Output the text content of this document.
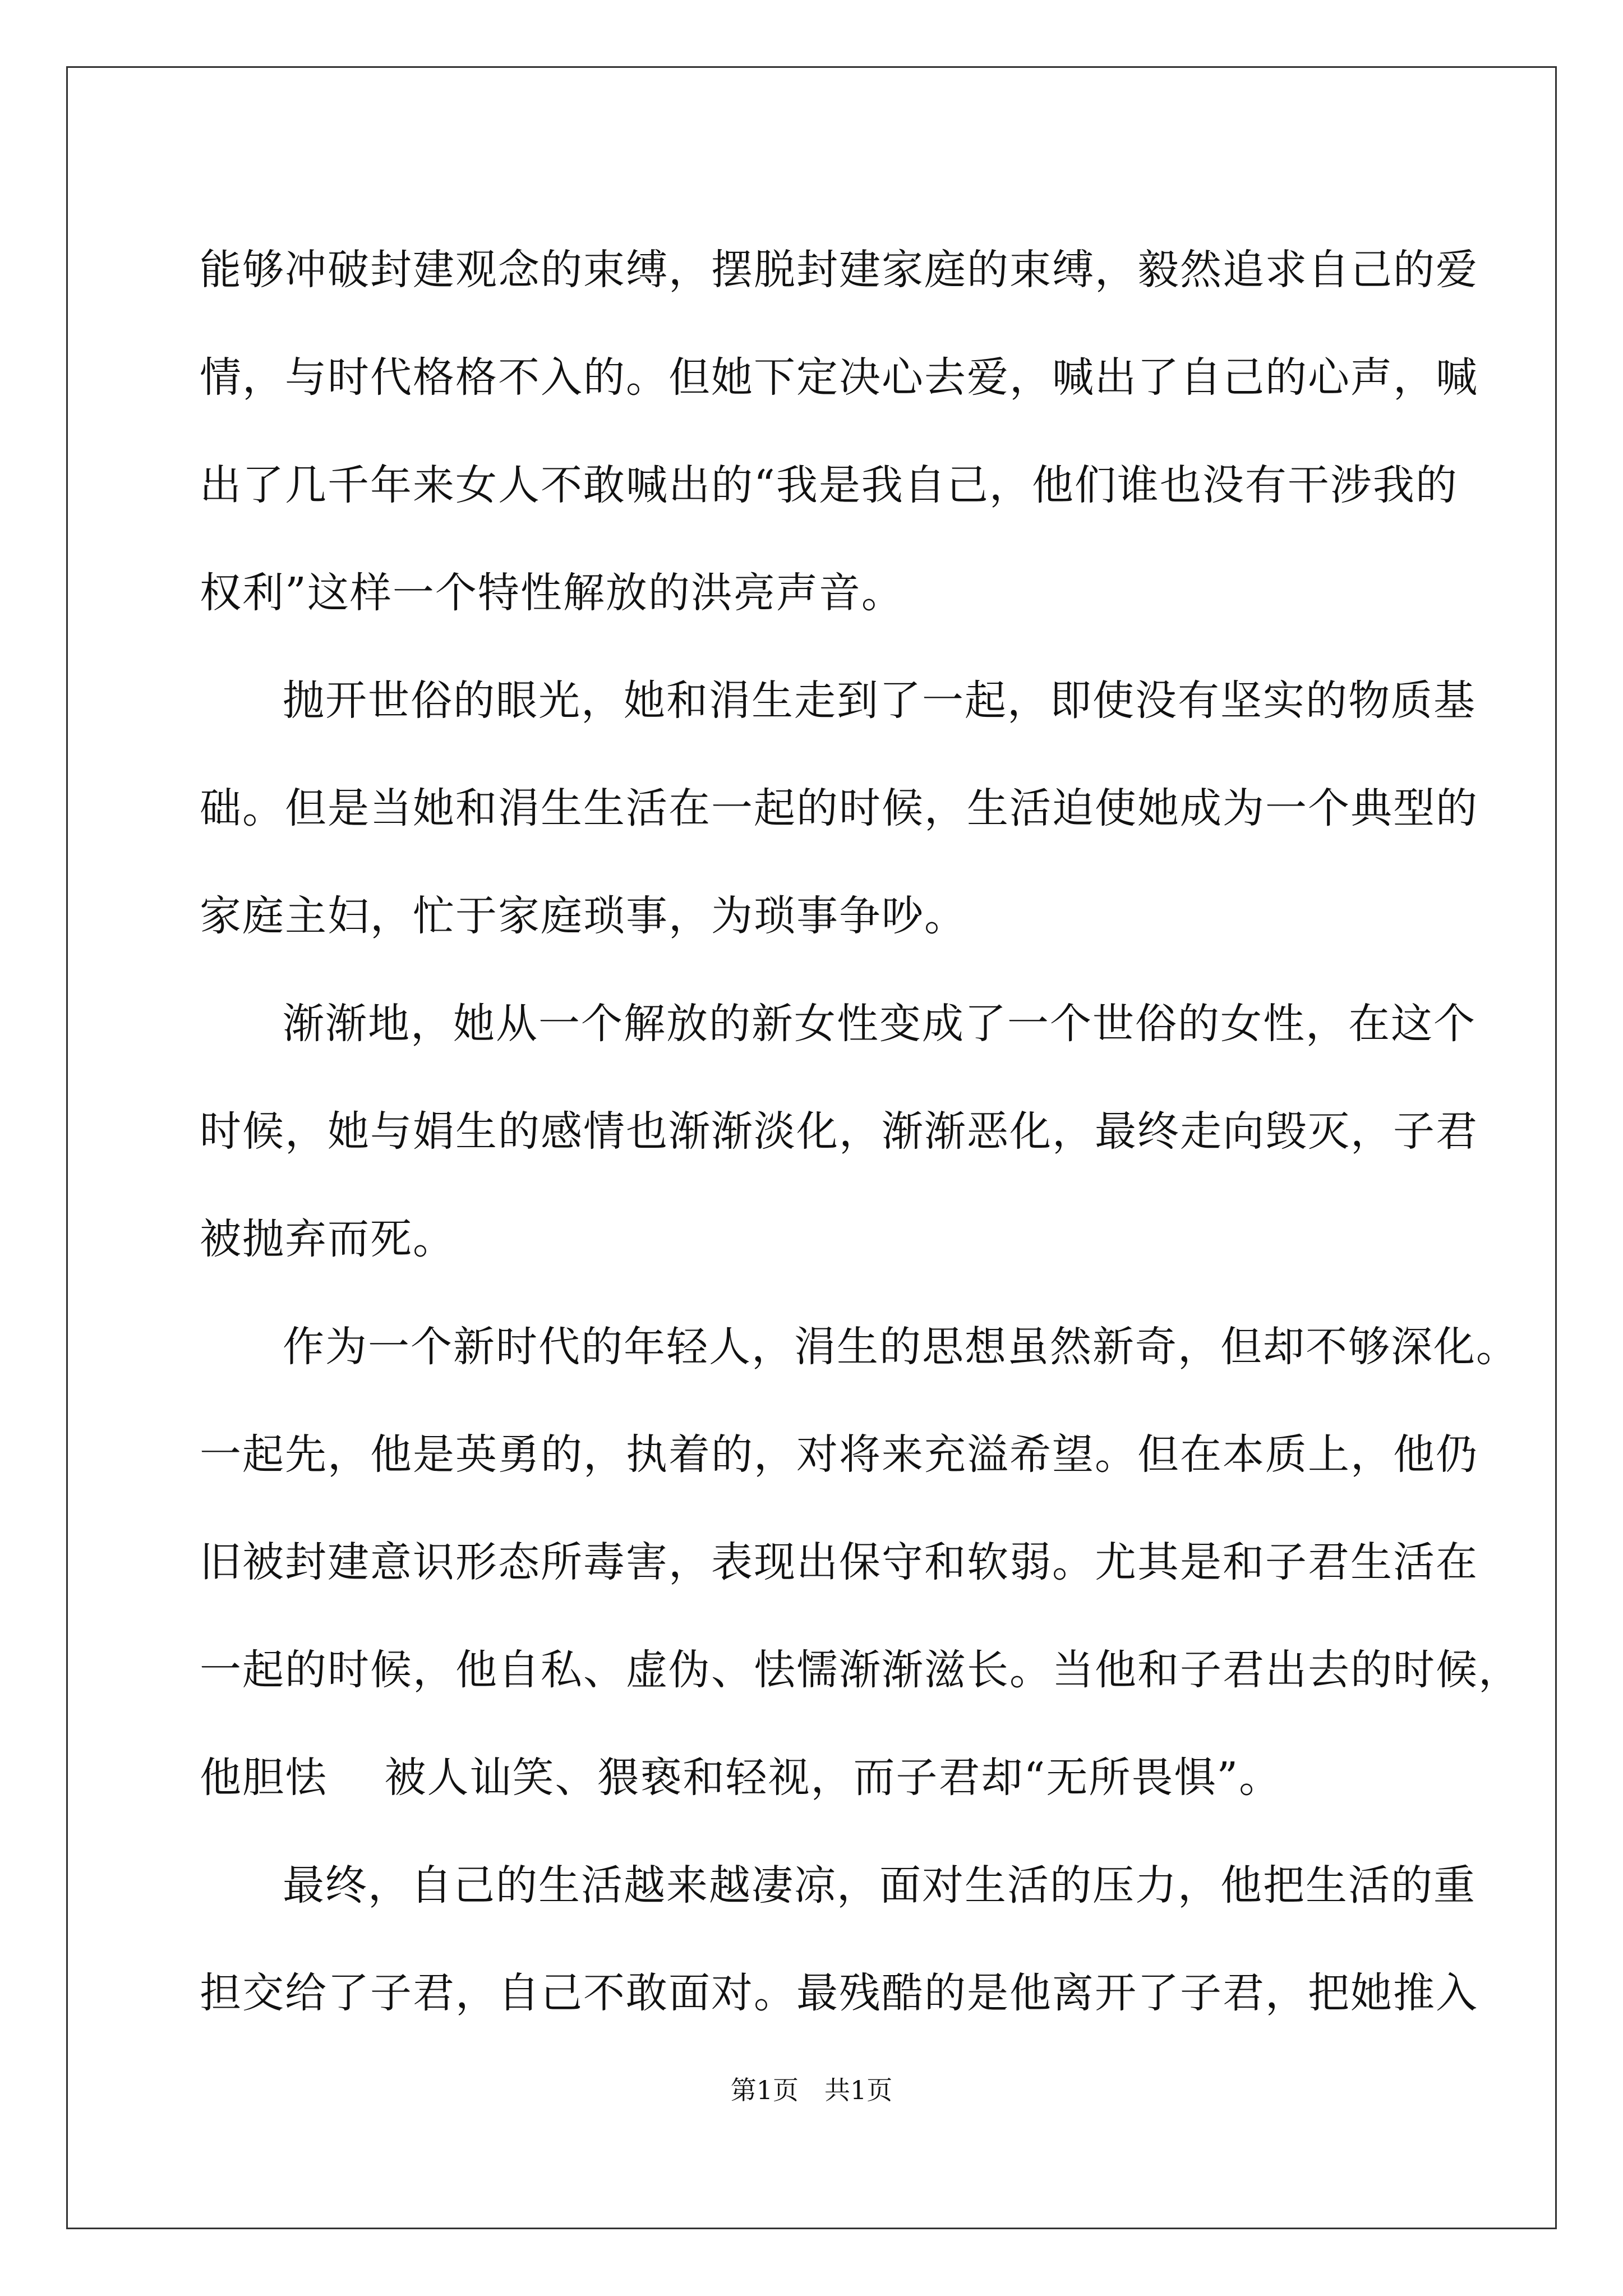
能够冲破封建观念的束缚，摆脱封建家庭的束缚，毅然追求自己的爱
情，与时代格格不入的。但她下定决心去爱，喊出了自己的心声，喊
出了几千年来女人不敢喊出的“我是我自己，他们谁也没有干涉我的
权利”这样一个特性解放的洪亮声音。
抛开世俗的眼光，她和涓生走到了一起，即使没有坚实的物质基
础。但是当她和涓生生活在一起的时候，生活迫使她成为一个典型的
家庭主妇，忙于家庭琐事，为琐事争吵。
渐渐地，她从一个解放的新女性变成了一个世俗的女性，在这个
时候，她与娟生的感情也渐渐淡化，渐渐恶化，最终走向毁灭，子君
被抛弃而死。
作为一个新时代的年轻人，涓生的思想虽然新奇，但却不够深化。
一起先，他是英勇的，执着的，对将来充溢希望。但在本质上，他仍
旧被封建意识形态所毒害，表现出保守和软弱。尤其是和子君生活在
一起的时候，他自私、虚伪、怯懦渐渐滋长。当他和子君出去的时候，
他胆怯　 被人讪笑、猥亵和轻视，而子君却“无所畏惧”。
最终，自己的生活越来越凄凉，面对生活的压力，他把生活的重
担交给了子君，自己不敢面对。最残酷的是他离开了子君，把她推入
第1页　共1页
